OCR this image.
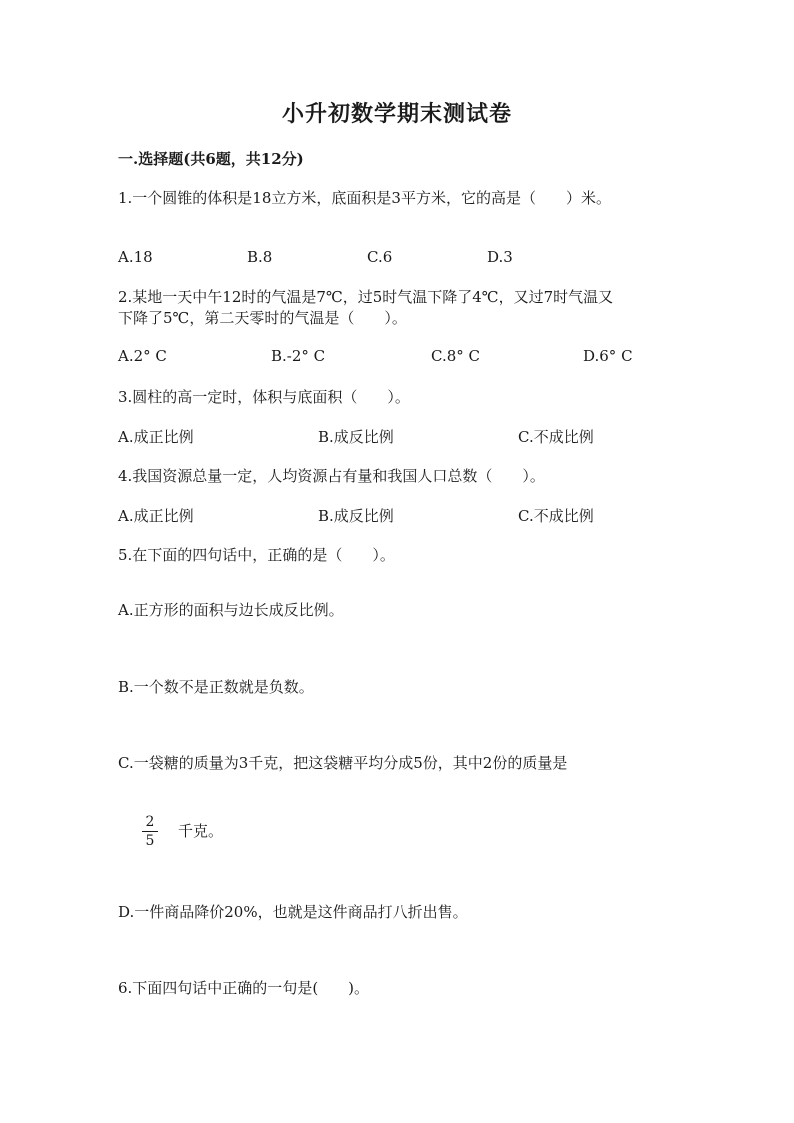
小升初数学期末测试卷
一.选择题(共6题，共12分)
1.一个圆锥的体积是18立方米，底面积是3平方米，它的高是（　　）米。
A.18	B.8	C.6	D.3
2.某地一天中午12时的气温是7℃，过5时气温下降了4℃，又过7时气温又
下降了5℃，第二天零时的气温是（　　）。
A.2° C	B.-2° C	C.8° C	D.6° C
3.圆柱的高一定时，体积与底面积（　　）。
A.成正比例	B.成反比例	C.不成比例
4.我国资源总量一定，人均资源占有量和我国人口总数（　　）。
A.成正比例	B.成反比例	C.不成比例
5.在下面的四句话中，正确的是（　　）。
A.正方形的面积与边长成反比例。
B.一个数不是正数就是负数。
C.一袋糖的质量为3千克，把这袋糖平均分成5份，其中2份的质量是
2
5
千克。
D.一件商品降价20%，也就是这件商品打八折出售。
6.下面四句话中正确的一句是(　　)。
